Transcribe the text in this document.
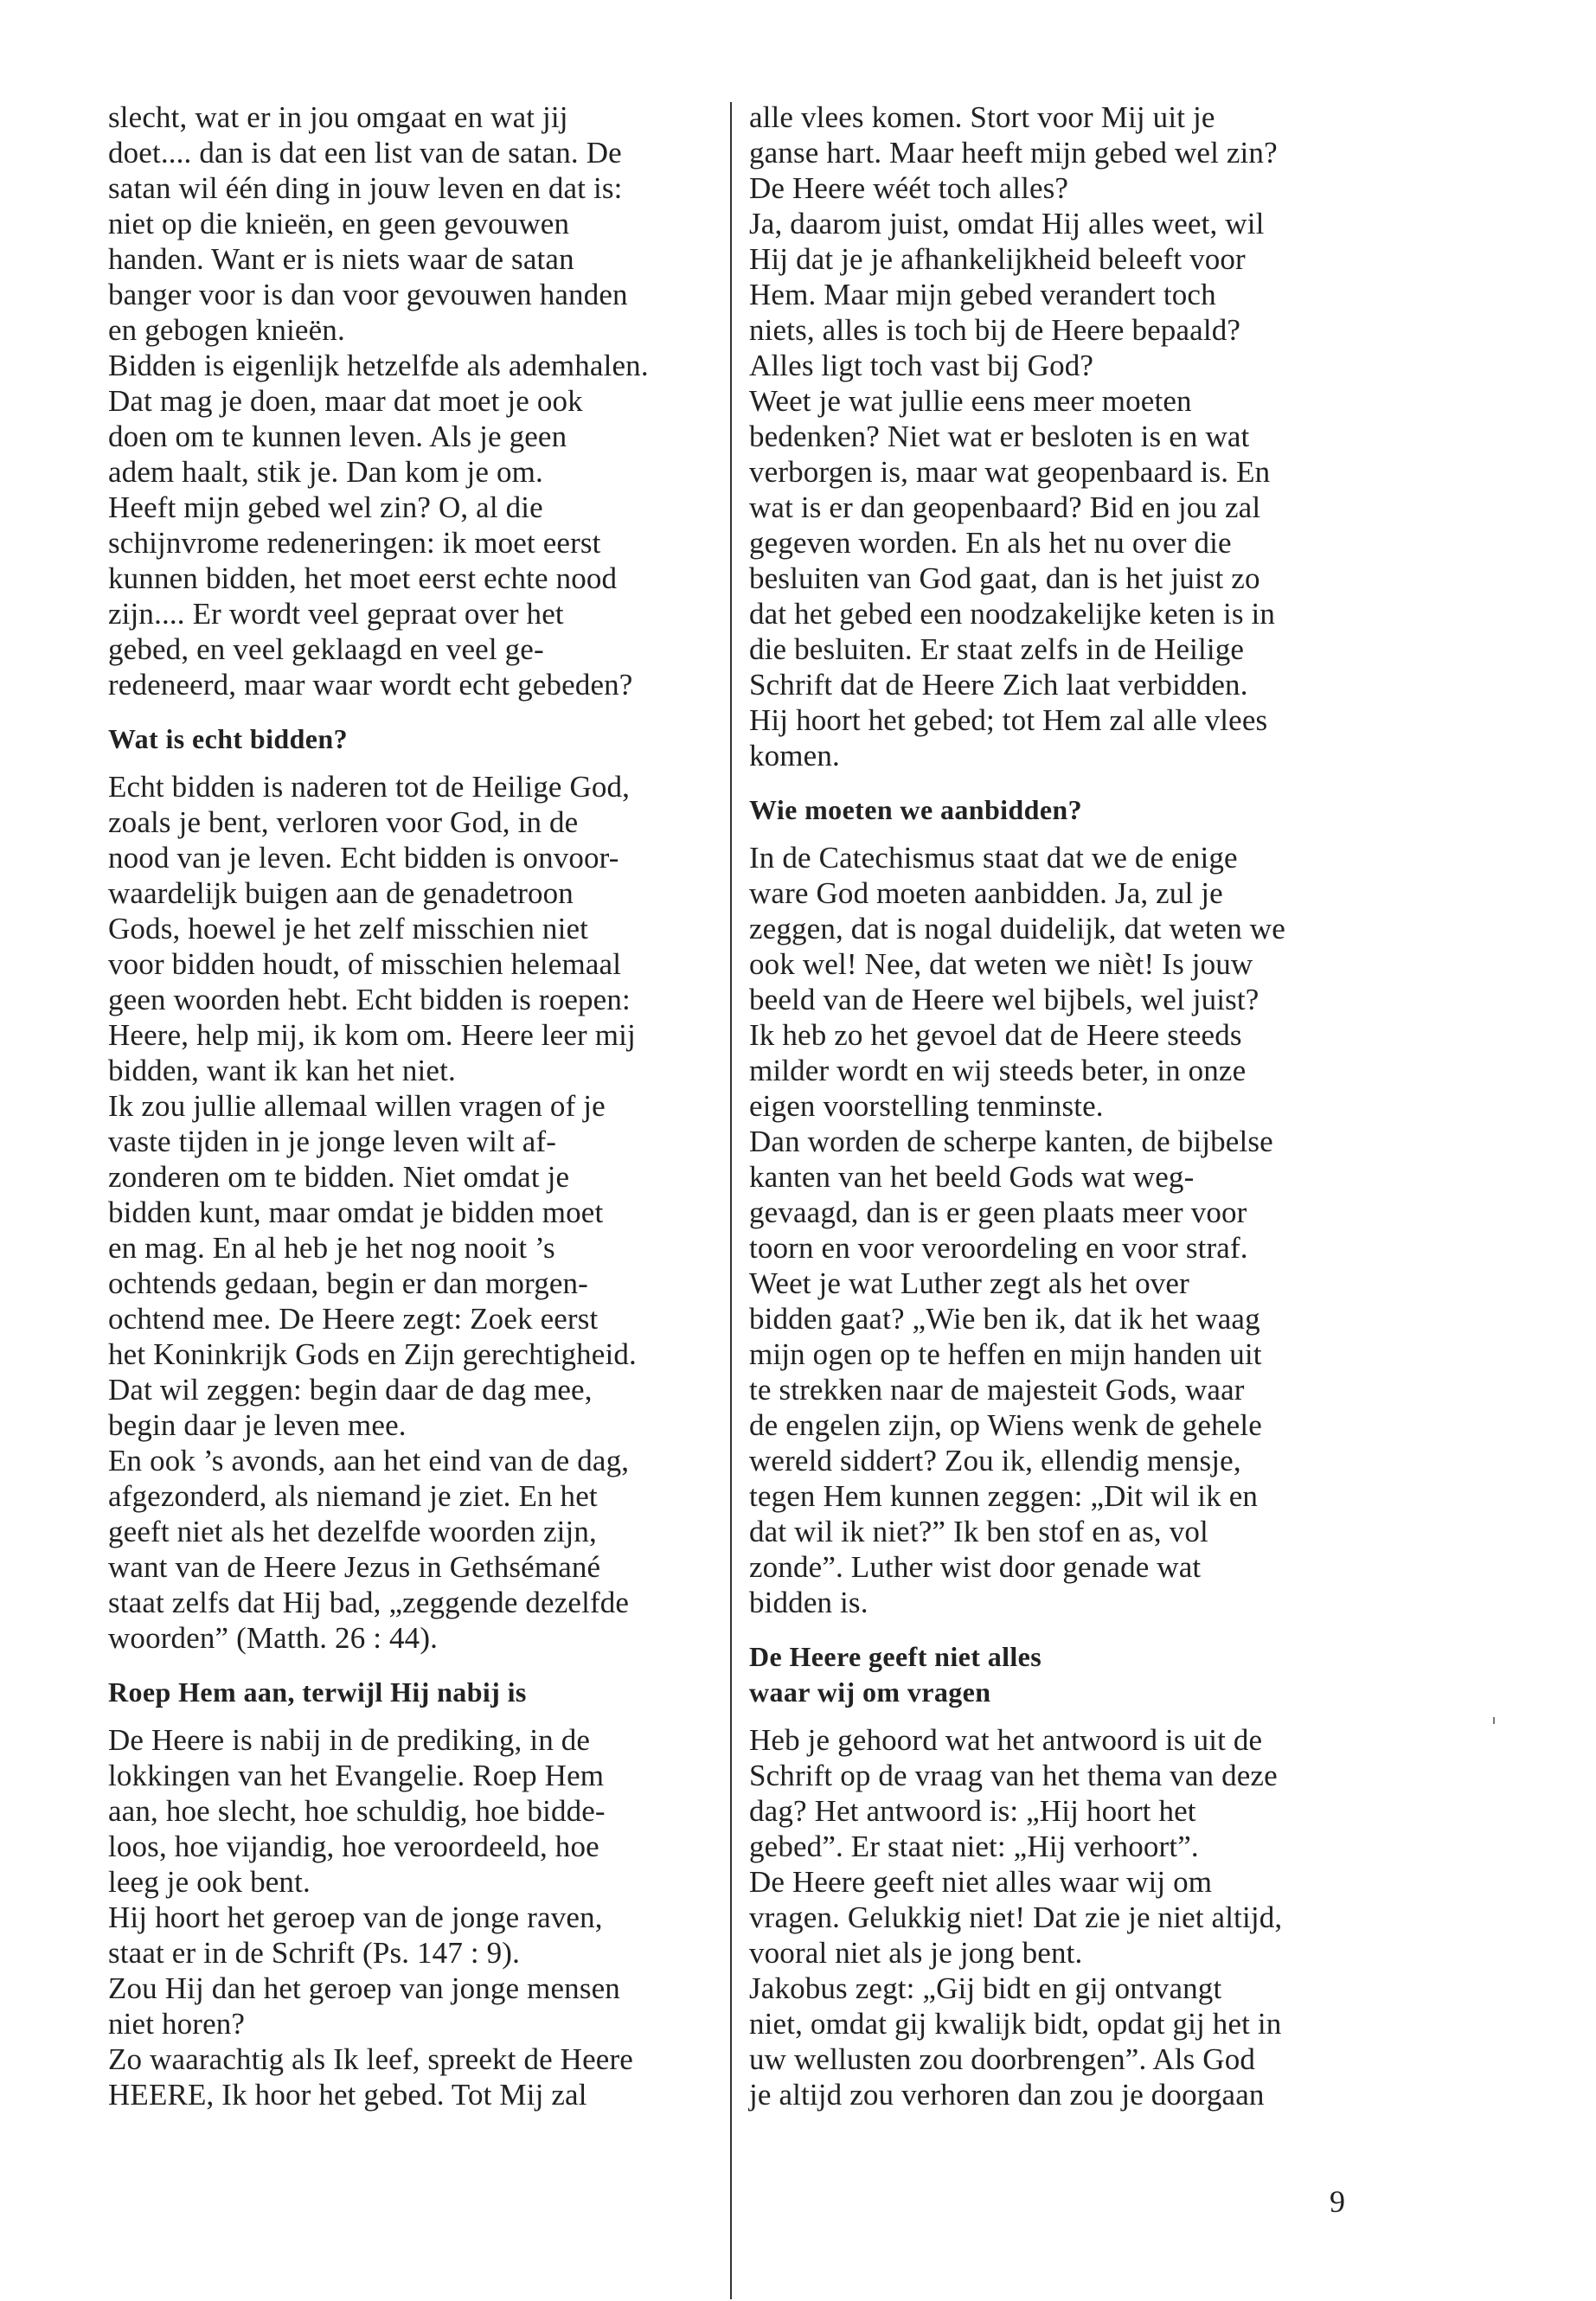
slecht, wat er in jou omgaat en wat jij
doet.... dan is dat een list van de satan. De
satan wil één ding in jouw leven en dat is:
niet op die knieën, en geen gevouwen
handen. Want er is niets waar de satan
banger voor is dan voor gevouwen handen
en gebogen knieën.
Bidden is eigenlijk hetzelfde als ademhalen.
Dat mag je doen, maar dat moet je ook
doen om te kunnen leven. Als je geen
adem haalt, stik je. Dan kom je om.
Heeft mijn gebed wel zin? O, al die
schijnvrome redeneringen: ik moet eerst
kunnen bidden, het moet eerst echte nood
zijn.... Er wordt veel gepraat over het
gebed, en veel geklaagd en veel ge-
redeneerd, maar waar wordt echt gebeden?

Wat is echt bidden?

Echt bidden is naderen tot de Heilige God,
zoals je bent, verloren voor God, in de
nood van je leven. Echt bidden is onvoor-
waardelijk buigen aan de genadetroon
Gods, hoewel je het zelf misschien niet
voor bidden houdt, of misschien helemaal
geen woorden hebt. Echt bidden is roepen:
Heere, help mij, ik kom om. Heere leer mij
bidden, want ik kan het niet.
Ik zou jullie allemaal willen vragen of je
vaste tijden in je jonge leven wilt af-
zonderen om te bidden. Niet omdat je
bidden kunt, maar omdat je bidden moet
en mag. En al heb je het nog nooit ’s
ochtends gedaan, begin er dan morgen-
ochtend mee. De Heere zegt: Zoek eerst
het Koninkrijk Gods en Zijn gerechtigheid.
Dat wil zeggen: begin daar de dag mee,
begin daar je leven mee.
En ook ’s avonds, aan het eind van de dag,
afgezonderd, als niemand je ziet. En het
geeft niet als het dezelfde woorden zijn,
want van de Heere Jezus in Gethsémané
staat zelfs dat Hij bad, „zeggende dezelfde
woorden” (Matth. 26 : 44).

Roep Hem aan, terwijl Hij nabij is

De Heere is nabij in de prediking, in de
lokkingen van het Evangelie. Roep Hem
aan, hoe slecht, hoe schuldig, hoe bidde-
loos, hoe vijandig, hoe veroordeeld, hoe
leeg je ook bent.
Hij hoort het geroep van de jonge raven,
staat er in de Schrift (Ps. 147 : 9).
Zou Hij dan het geroep van jonge mensen
niet horen?
Zo waarachtig als Ik leef, spreekt de Heere
HEERE, Ik hoor het gebed. Tot Mij zal

alle vlees komen. Stort voor Mij uit je
ganse hart. Maar heeft mijn gebed wel zin?
De Heere wéét toch alles?
Ja, daarom juist, omdat Hij alles weet, wil
Hij dat je je afhankelijkheid beleeft voor
Hem. Maar mijn gebed verandert toch
niets, alles is toch bij de Heere bepaald?
Alles ligt toch vast bij God?
Weet je wat jullie eens meer moeten
bedenken? Niet wat er besloten is en wat
verborgen is, maar wat geopenbaard is. En
wat is er dan geopenbaard? Bid en jou zal
gegeven worden. En als het nu over die
besluiten van God gaat, dan is het juist zo
dat het gebed een noodzakelijke keten is in
die besluiten. Er staat zelfs in de Heilige
Schrift dat de Heere Zich laat verbidden.
Hij hoort het gebed; tot Hem zal alle vlees
komen.

Wie moeten we aanbidden?

In de Catechismus staat dat we de enige
ware God moeten aanbidden. Ja, zul je
zeggen, dat is nogal duidelijk, dat weten we
ook wel! Nee, dat weten we nièt! Is jouw
beeld van de Heere wel bijbels, wel juist?
Ik heb zo het gevoel dat de Heere steeds
milder wordt en wij steeds beter, in onze
eigen voorstelling tenminste.
Dan worden de scherpe kanten, de bijbelse
kanten van het beeld Gods wat weg-
gevaagd, dan is er geen plaats meer voor
toorn en voor veroordeling en voor straf.
Weet je wat Luther zegt als het over
bidden gaat? „Wie ben ik, dat ik het waag
mijn ogen op te heffen en mijn handen uit
te strekken naar de majesteit Gods, waar
de engelen zijn, op Wiens wenk de gehele
wereld siddert? Zou ik, ellendig mensje,
tegen Hem kunnen zeggen: „Dit wil ik en
dat wil ik niet?” Ik ben stof en as, vol
zonde”. Luther wist door genade wat
bidden is.

De Heere geeft niet alles
waar wij om vragen

Heb je gehoord wat het antwoord is uit de
Schrift op de vraag van het thema van deze
dag? Het antwoord is: „Hij hoort het
gebed”. Er staat niet: „Hij verhoort”.
De Heere geeft niet alles waar wij om
vragen. Gelukkig niet! Dat zie je niet altijd,
vooral niet als je jong bent.
Jakobus zegt: „Gij bidt en gij ontvangt
niet, omdat gij kwalijk bidt, opdat gij het in
uw wellusten zou doorbrengen”. Als God
je altijd zou verhoren dan zou je doorgaan

9
